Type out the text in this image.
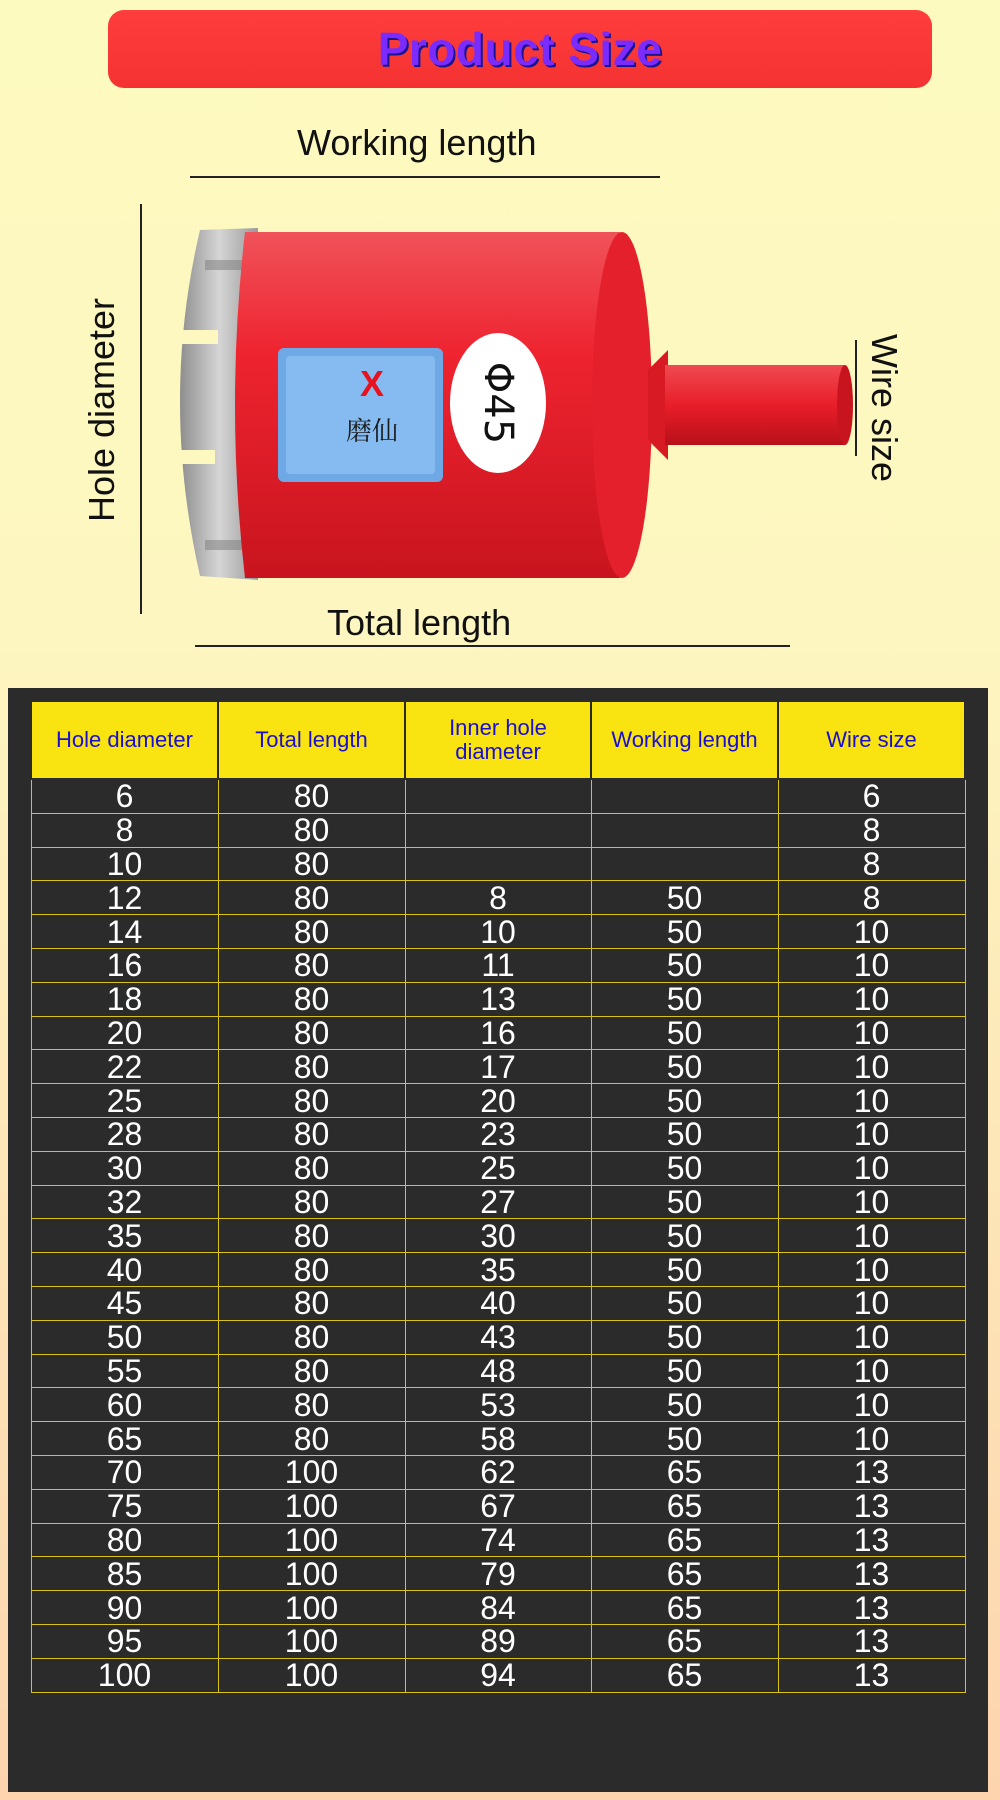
Product Size
Working length
Hole diameter	Wire size
Total length
X
磨仙 Φ45
Hole diameter	Total length	Inner hole diameter	Working length	Wire size
6	80			6
8	80			8
10	80			8
12	80	8	50	8
14	80	10	50	10
16	80	11	50	10
18	80	13	50	10
20	80	16	50	10
22	80	17	50	10
25	80	20	50	10
28	80	23	50	10
30	80	25	50	10
32	80	27	50	10
35	80	30	50	10
40	80	35	50	10
45	80	40	50	10
50	80	43	50	10
55	80	48	50	10
60	80	53	50	10
65	80	58	50	10
70	100	62	65	13
75	100	67	65	13
80	100	74	65	13
85	100	79	65	13
90	100	84	65	13
95	100	89	65	13
100	100	94	65	13
